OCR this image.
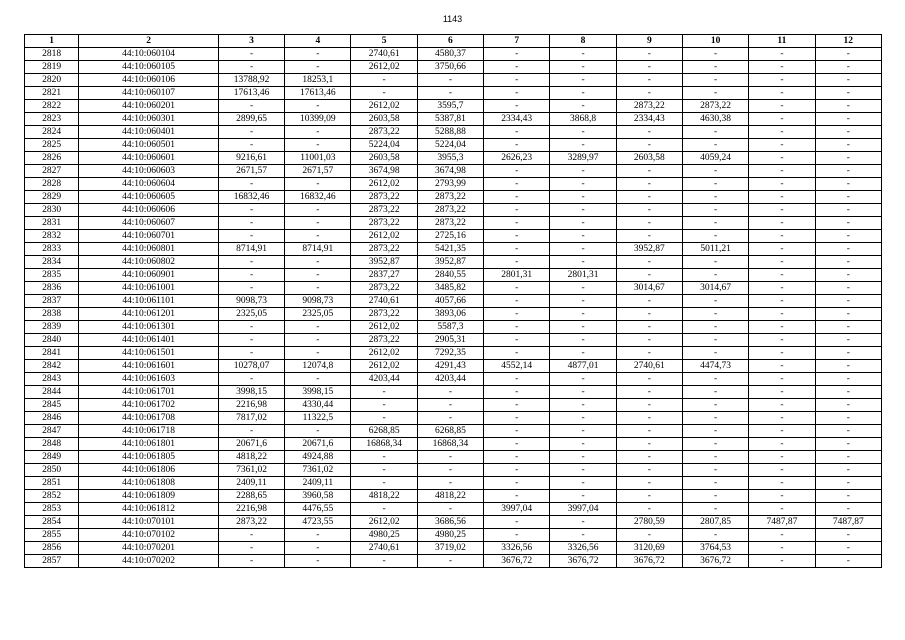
1143
1	2	3	4	5	6	7	8	9	10	11	12
2818	44:10:060104	-	-	2740,61	4580,37	-	-	-	-	-	-
2819	44:10:060105	-	-	2612,02	3750,66	-	-	-	-	-	-
2820	44:10:060106	13788,92	18253,1	-	-	-	-	-	-	-	-
2821	44:10:060107	17613,46	17613,46	-	-	-	-	-	-	-	-
2822	44:10:060201	-	-	2612,02	3595,7	-	-	2873,22	2873,22	-	-
2823	44:10:060301	2899,65	10399,09	2603,58	5387,81	2334,43	3868,8	2334,43	4630,38	-	-
2824	44:10:060401	-	-	2873,22	5288,88	-	-	-	-	-	-
2825	44:10:060501	-	-	5224,04	5224,04	-	-	-	-	-	-
2826	44:10:060601	9216,61	11001,03	2603,58	3955,3	2626,23	3289,97	2603,58	4059,24	-	-
2827	44:10:060603	2671,57	2671,57	3674,98	3674,98	-	-	-	-	-	-
2828	44:10:060604	-	-	2612,02	2793,99	-	-	-	-	-	-
2829	44:10:060605	16832,46	16832,46	2873,22	2873,22	-	-	-	-	-	-
2830	44:10:060606	-	-	2873,22	2873,22	-	-	-	-	-	-
2831	44:10:060607	-	-	2873,22	2873,22	-	-	-	-	-	-
2832	44:10:060701	-	-	2612,02	2725,16	-	-	-	-	-	-
2833	44:10:060801	8714,91	8714,91	2873,22	5421,35	-	-	3952,87	5011,21	-	-
2834	44:10:060802	-	-	3952,87	3952,87	-	-	-	-	-	-
2835	44:10:060901	-	-	2837,27	2840,55	2801,31	2801,31	-	-	-	-
2836	44:10:061001	-	-	2873,22	3485,82	-	-	3014,67	3014,67	-	-
2837	44:10:061101	9098,73	9098,73	2740,61	4057,66	-	-	-	-	-	-
2838	44:10:061201	2325,05	2325,05	2873,22	3893,06	-	-	-	-	-	-
2839	44:10:061301	-	-	2612,02	5587,3	-	-	-	-	-	-
2840	44:10:061401	-	-	2873,22	2905,31	-	-	-	-	-	-
2841	44:10:061501	-	-	2612,02	7292,35	-	-	-	-	-	-
2842	44:10:061601	10278,07	12074,8	2612,02	4291,43	4552,14	4877,01	2740,61	4474,73	-	-
2843	44:10:061603	-	-	4203,44	4203,44	-	-	-	-	-	-
2844	44:10:061701	3998,15	3998,15	-	-	-	-	-	-	-	-
2845	44:10:061702	2216,98	4330,44	-	-	-	-	-	-	-	-
2846	44:10:061708	7817,02	11322,5	-	-	-	-	-	-	-	-
2847	44:10:061718	-	-	6268,85	6268,85	-	-	-	-	-	-
2848	44:10:061801	20671,6	20671,6	16868,34	16868,34	-	-	-	-	-	-
2849	44:10:061805	4818,22	4924,88	-	-	-	-	-	-	-	-
2850	44:10:061806	7361,02	7361,02	-	-	-	-	-	-	-	-
2851	44:10:061808	2409,11	2409,11	-	-	-	-	-	-	-	-
2852	44:10:061809	2288,65	3960,58	4818,22	4818,22	-	-	-	-	-	-
2853	44:10:061812	2216,98	4476,55	-	-	3997,04	3997,04	-	-	-	-
2854	44:10:070101	2873,22	4723,55	2612,02	3686,56	-	-	2780,59	2807,85	7487,87	7487,87
2855	44:10:070102	-	-	4980,25	4980,25	-	-	-	-	-	-
2856	44:10:070201	-	-	2740,61	3719,02	3326,56	3326,56	3120,69	3764,53	-	-
2857	44:10:070202	-	-	-	-	3676,72	3676,72	3676,72	3676,72	-	-
